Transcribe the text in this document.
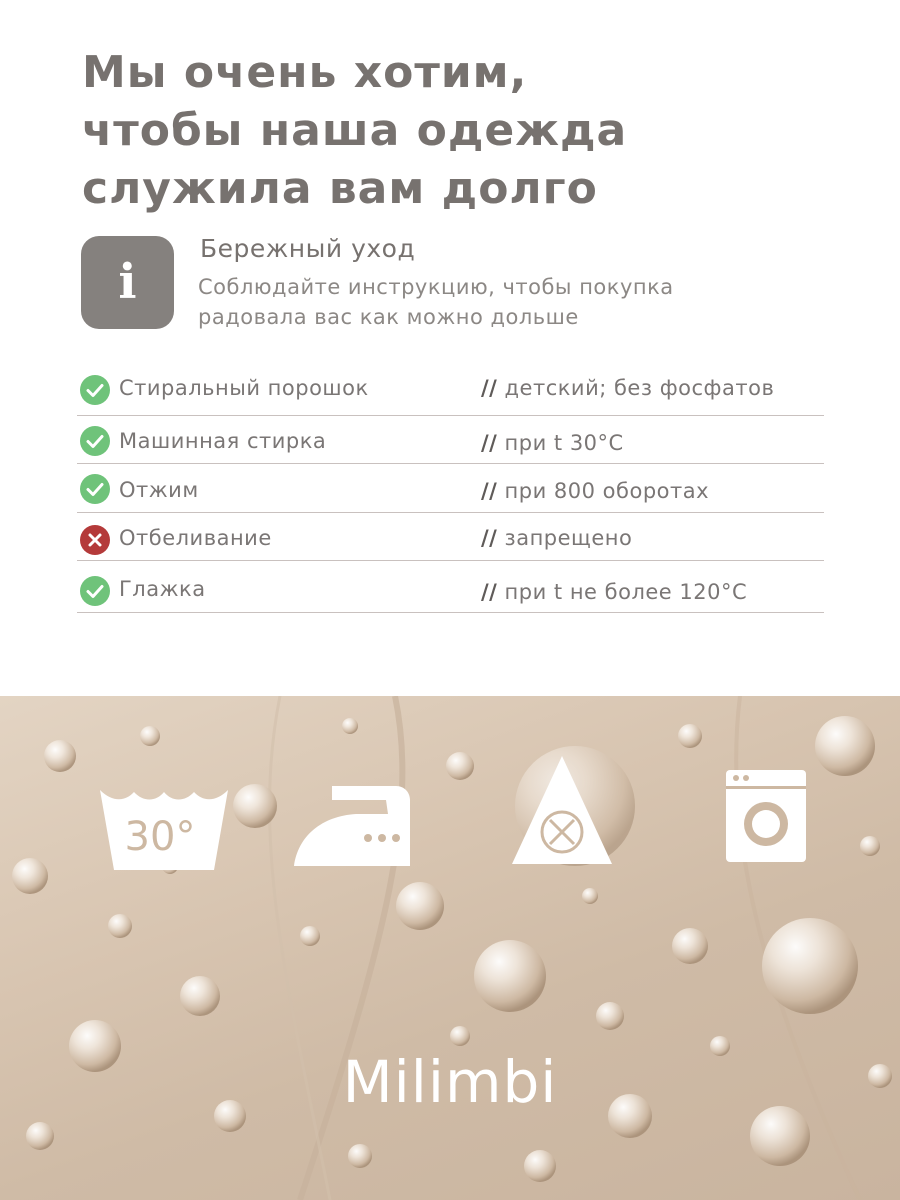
Мы очень хотим,
чтобы наша одежда
служила вам долго
i
Бережный уход

Соблюдайте инструкцию, чтобы покупка
радовала вас как можно дольше

Стиральный порошок	// детский; без фосфатов
Машинная стирка	// при t 30°C
Отжим	// при 800 оборотах
Отбеливание	// запрещено
Глажка	// при t не более 120°C
30°
Milimbi
